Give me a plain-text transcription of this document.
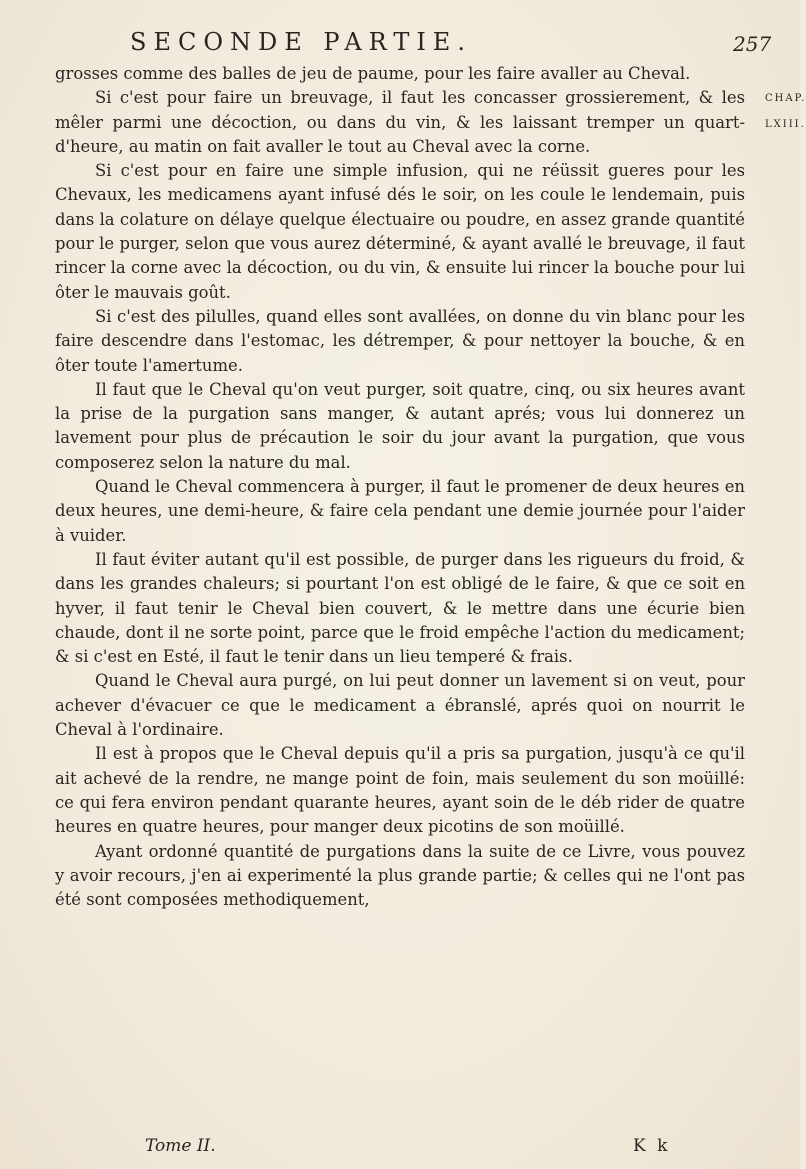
SECONDE PARTIE.	257
CHAP.
LXIII.

grosses comme des balles de jeu de paume, pour les faire avaller au Cheval.

Si c'est pour faire un breuvage, il faut les concasser grossierement, & les mêler parmi une décoction, ou dans du vin, & les laissant tremper un quart-d'heure, au matin on fait avaller le tout au Cheval avec la corne.

Si c'est pour en faire une simple infusion, qui ne réüssit gueres pour les Chevaux, les medicamens ayant infusé dés le soir, on les coule le lendemain, puis dans la colature on délaye quelque électuaire ou poudre, en assez grande quantité pour le purger, selon que vous aurez déterminé, & ayant avallé le breuvage, il faut rincer la corne avec la décoction, ou du vin, & ensuite lui rincer la bouche pour lui ôter le mauvais goût.

Si c'est des pilulles, quand elles sont avallées, on donne du vin blanc pour les faire descendre dans l'estomac, les détremper, & pour nettoyer la bouche, & en ôter toute l'amertume.

Il faut que le Cheval qu'on veut purger, soit quatre, cinq, ou six heures avant la prise de la purgation sans manger, & autant aprés; vous lui donnerez un lavement pour plus de précaution le soir du jour avant la purgation, que vous composerez selon la nature du mal.

Quand le Cheval commencera à purger, il faut le promener de deux heures en deux heures, une demi-heure, & faire cela pendant une demie journée pour l'aider à vuider.

Il faut éviter autant qu'il est possible, de purger dans les rigueurs du froid, & dans les grandes chaleurs; si pourtant l'on est obligé de le faire, & que ce soit en hyver, il faut tenir le Cheval bien couvert, & le mettre dans une écurie bien chaude, dont il ne sorte point, parce que le froid empêche l'action du medicament; & si c'est en Esté, il faut le tenir dans un lieu temperé & frais.

Quand le Cheval aura purgé, on lui peut donner un lavement si on veut, pour achever d'évacuer ce que le medicament a ébranslé, aprés quoi on nourrit le Cheval à l'ordinaire.

Il est à propos que le Cheval depuis qu'il a pris sa purgation, jusqu'à ce qu'il ait achevé de la rendre, ne mange point de foin, mais seulement du son moüillé: ce qui fera environ pendant quarante heures, ayant soin de le déb rider de quatre heures en quatre heures, pour manger deux picotins de son moüillé.

Ayant ordonné quantité de purgations dans la suite de ce Livre, vous pouvez y avoir recours, j'en ai experimenté la plus grande partie; & celles qui ne l'ont pas été sont composées methodiquement,

Tome II.	K k
